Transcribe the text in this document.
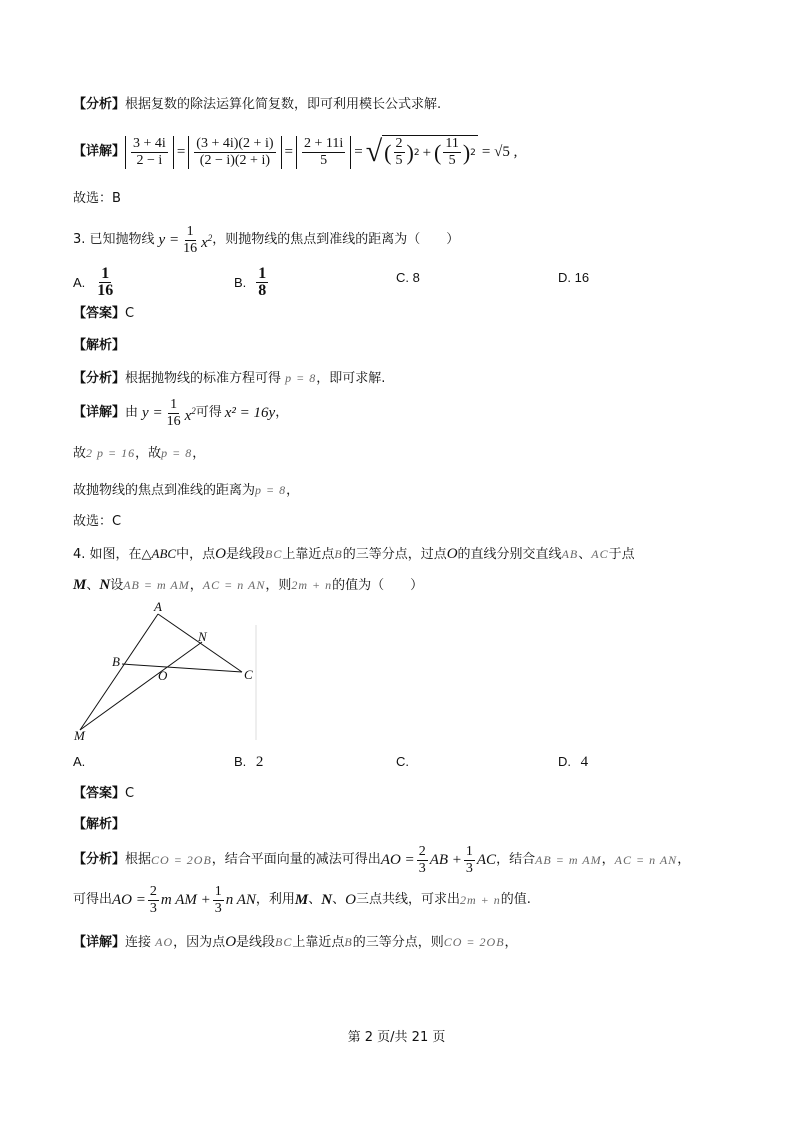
【分析】根据复数的除法运算化简复数，即可利用模长公式求解.
【详解】 $\frac{3 + 4i}{2 - i} = \frac{(3 + 4i)(2 + i)}{(2 - i)(2 + i)} = \frac{2 + 11i}{5}$ = √ ( $\frac{2}{5}$ ) 2 + ( $\frac{11}{5}$ ) 2 = √5 ,
故选：B
3. 已知抛物线 $y = \frac{1}{16} x^2$ ，则抛物线的焦点到准线的距离为（　　）
A. $\frac{1}{16}$	B. $\frac{1}{8}$	C. 8	D. 16
【答案】C
【解析】
【分析】根据抛物线的标准方程可得 p = 8，即可求解.
【详解】 由 $y = \frac{1}{16} x^2$ 可得 x² = 16y ，
故2 p = 16，故p = 8，
故抛物线的焦点到准线的距离为p = 8，
故选：C
4. 如图，在△ABC中，点O是线段BC上靠近点B的三等分点，过点O的直线分别交直线AB、AC于点
M、N设AB = m AM，AC = n AN，则2m + n的值为（　　）
A
B
C
N
O
M
A.	B. 2	C.	D. 4
【答案】C
【解析】
【分析】 根据 CO = 2OB ，结合平面向量的减法可得出 AO = $\frac{2}{3}$ AB + $\frac{1}{3}$ AC ，结合 AB = m AM ， AC = n AN ，
可得出 AO = $\frac{2}{3}$ m AM + $\frac{1}{3}$ n AN ，利用 M 、 N 、 O 三点共线，可求出 2m + n 的值.
【详解】连接 AO，因为点O是线段BC上靠近点B的三等分点，则CO = 2OB，
第 2 页/共 21 页
